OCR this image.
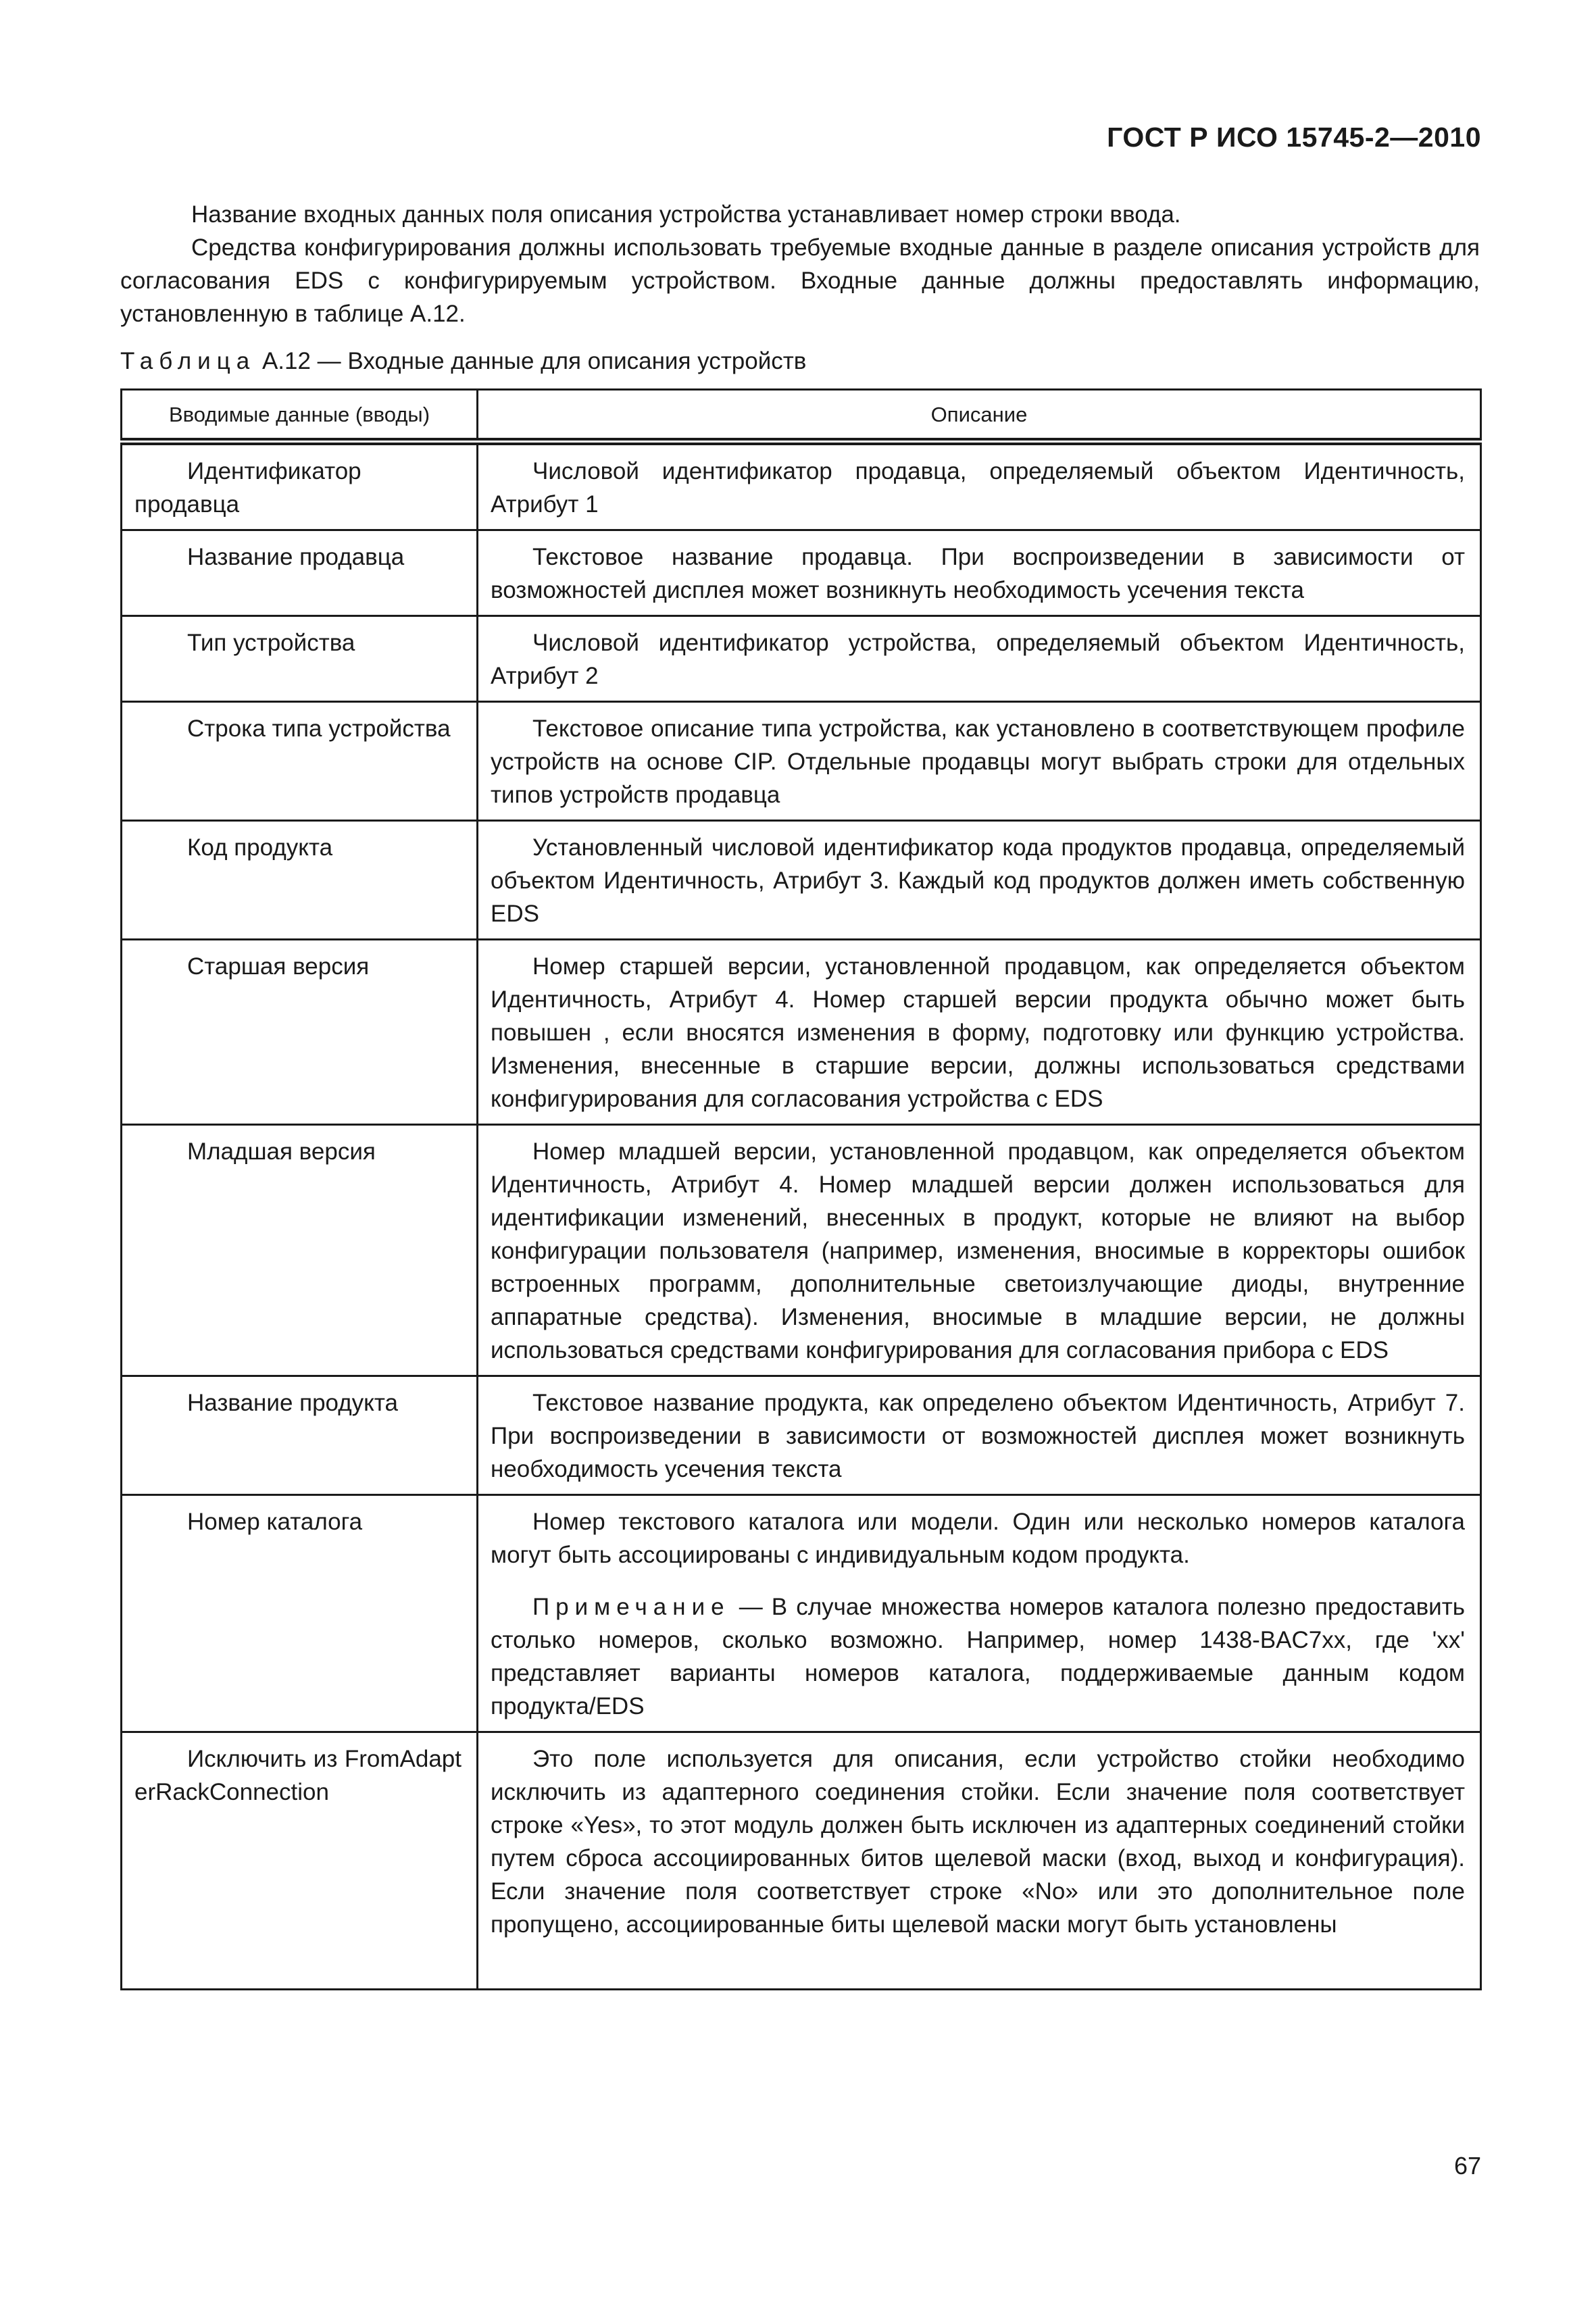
ГОСТ Р ИСО 15745-2—2010

Название входных данных поля описания устройства устанавливает номер строки ввода.

Средства конфигурирования должны использовать требуемые входные данные в разделе описания устройств для согласования EDS с конфигурируемым устройством. Входные данные должны предоставлять информацию, установленную в таблице А.12.

Таблица А.12 — Входные данные для описания устройств
Вводимые данные (вводы)	Описание

Идентификатор продавца	Числовой идентификатор продавца, определяемый объектом Идентичность, Атрибут 1

Название продавца	Текстовое название продавца. При воспроизведении в зависимости от возможностей дисплея может возникнуть необходимость усечения текста

Тип устройства	Числовой идентификатор устройства, определяемый объектом Идентичность, Атрибут 2

Строка типа устройства	Текстовое описание типа устройства, как установлено в соответствующем профиле устройств на основе CIP. Отдельные продавцы могут выбрать строки для отдельных типов устройств продавца

Код продукта	Установленный числовой идентификатор кода продуктов продавца, определяемый объектом Идентичность, Атрибут 3. Каждый код продуктов должен иметь собственную EDS

Старшая версия	Номер старшей версии, установленной продавцом, как определяется объектом Идентичность, Атрибут 4. Номер старшей версии продукта обычно может быть повышен , если вносятся изменения в форму, подготовку или функцию устройства. Изменения, внесенные в старшие версии, должны использоваться средствами конфигурирования для согласования устройства с EDS

Младшая версия	Номер младшей версии, установленной продавцом, как определяется объектом Идентичность, Атрибут 4. Номер младшей версии должен использоваться для идентификации изменений, внесенных в продукт, которые не влияют на выбор конфигурации пользователя (например, изменения, вносимые в корректоры ошибок встроенных программ, дополнительные светоизлучающие диоды, внутренние аппаратные средства). Изменения, вносимые в младшие версии, не должны использоваться средствами конфигурирования для согласования прибора с EDS

Название продукта	Текстовое название продукта, как определено объектом Идентичность, Атрибут 7. При воспроизведении в зависимости от возможностей дисплея может возникнуть необходимость усечения текста

Номер каталога	Номер текстового каталога или модели. Один или несколько номеров каталога могут быть ассоциированы с индивидуальным кодом продукта.

Примечание — В случае множества номеров каталога полезно предоставить столько номеров, сколько возможно. Например, номер 1438-BAC7xx, где 'xx' представляет варианты номеров каталога, поддерживаемые данным кодом продукта/EDS

Исключить из FromAdapterRackConnection	Это поле используется для описания, если устройство стойки необходимо исключить из адаптерного соединения стойки. Если значение поля соответствует строке «Yes», то этот модуль должен быть исключен из адаптерных соединений стойки путем сброса ассоциированных битов щелевой маски (вход, выход и конфигурация). Если значение поля соответствует строке «No» или это дополнительное поле пропущено, ассоциированные биты щелевой маски могут быть установлены

67
